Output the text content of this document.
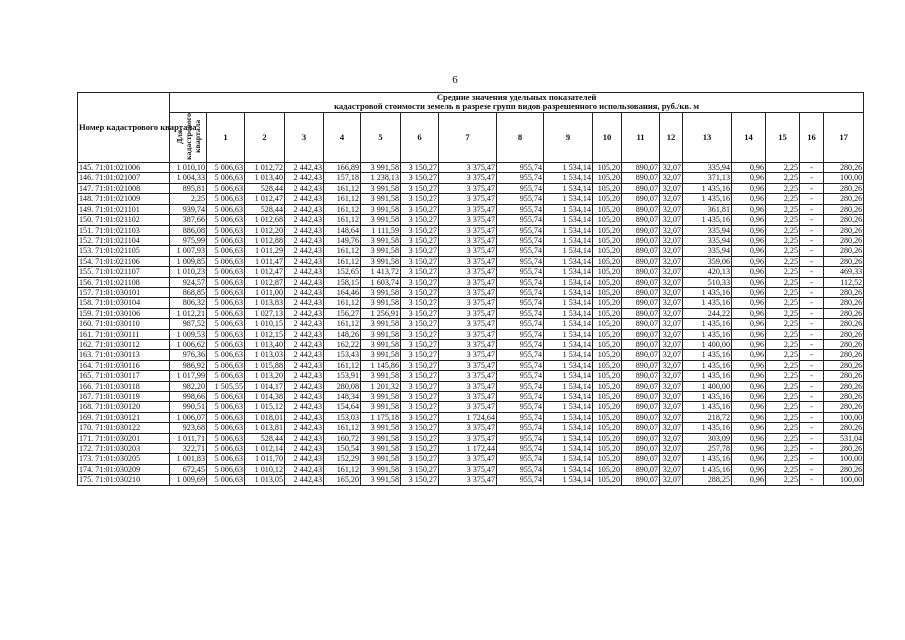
6
Номер кадастрового квартала	Средние значения удельных показателей
кадастровой стоимости земель в разрезе групп видов разрешенного использования, руб./кв. м																	
	Для кадастрового квартала	1	2	3	4	5	6	7	8	9	10	11	12	13	14	15	16	17
145. 71:01:021006	1 010,10	5 006,63	1 012,72	2 442,43	166,89	3 991,58	3 150,27	3 375,47	955,74	1 534,14	105,20	890,07	32,07	335,94	0,96	2,25	-	280,26
146. 71:01:021007	1 004,33	5 006,63	1 013,40	2 442,43	157,18	1 238,13	3 150,27	3 375,47	955,74	1 534,14	105,20	890,07	32,07	371,13	0,96	2,25	-	100,00
147. 71:01:021008	895,81	5 006,63	528,44	2 442,43	161,12	3 991,58	3 150,27	3 375,47	955,74	1 534,14	105,20	890,07	32,07	1 435,16	0,96	2,25	-	280,26
148. 71:01:021009	2,25	5 006,63	1 012,47	2 442,43	161,12	3 991,58	3 150,27	3 375,47	955,74	1 534,14	105,20	890,07	32,07	1 435,16	0,96	2,25	-	280,26
149. 71:01:021101	939,74	5 006,63	528,44	2 442,43	161,12	3 991,58	3 150,27	3 375,47	955,74	1 534,14	105,20	890,07	32,07	361,81	0,96	2,25	-	280,26
150. 71:01:021102	387,66	5 006,63	1 012,68	2 442,43	161,12	3 991,58	3 150,27	3 375,47	955,74	1 534,14	105,20	890,07	32,07	1 435,16	0,96	2,25	-	280,26
151. 71:01:021103	886,08	5 006,63	1 012,20	2 442,43	148,64	1 111,59	3 150,27	3 375,47	955,74	1 534,14	105,20	890,07	32,07	335,94	0,96	2,25	-	280,26
152. 71:01:021104	975,99	5 006,63	1 012,88	2 442,43	149,76	3 991,58	3 150,27	3 375,47	955,74	1 534,14	105,20	890,07	32,07	335,94	0,96	2,25	-	280,26
153. 71:01:021105	1 007,93	5 006,63	1 011,29	2 442,43	161,12	3 991,58	3 150,27	3 375,47	955,74	1 534,14	105,20	890,07	32,07	335,94	0,96	2,25	-	280,26
154. 71:01:021106	1 009,85	5 006,63	1 011,47	2 442,43	161,12	3 991,58	3 150,27	3 375,47	955,74	1 534,14	105,20	890,07	32,07	359,06	0,96	2,25	-	280,26
155. 71:01:021107	1 010,23	5 006,63	1 012,47	2 442,43	152,65	1 413,72	3 150,27	3 375,47	955,74	1 534,14	105,20	890,07	32,07	420,13	0,96	2,25	-	469,33
156. 71:01:021108	924,57	5 006,63	1 012,87	2 442,43	158,15	1 603,74	3 150,27	3 375,47	955,74	1 534,14	105,20	890,07	32,07	510,33	0,96	2,25	-	112,52
157. 71:01:030101	868,85	5 006,63	1 011,00	2 442,43	164,46	3 991,58	3 150,27	3 375,47	955,74	1 534,14	105,20	890,07	32,07	1 435,16	0,96	2,25	-	280,26
158. 71:01:030104	806,32	5 006,63	1 013,83	2 442,43	161,12	3 991,58	3 150,27	3 375,47	955,74	1 534,14	105,20	890,07	32,07	1 435,16	0,96	2,25	-	280,26
159. 71:01:030106	1 012,21	5 006,63	1 027,13	2 442,43	156,27	1 256,91	3 150,27	3 375,47	955,74	1 534,14	105,20	890,07	32,07	244,22	0,96	2,25	-	280,26
160. 71:01:030110	987,52	5 006,63	1 010,15	2 442,43	161,12	3 991,58	3 150,27	3 375,47	955,74	1 534,14	105,20	890,07	32,07	1 435,16	0,96	2,25	-	280,26
161. 71:01:030111	1 009,53	5 006,63	1 012,15	2 442,43	148,26	3 991,58	3 150,27	3 375,47	955,74	1 534,14	105,20	890,07	32,07	1 435,16	0,96	2,25	-	280,26
162. 71:01:030112	1 006,62	5 006,63	1 013,40	2 442,43	162,22	3 991,58	3 150,27	3 375,47	955,74	1 534,14	105,20	890,07	32,07	1 400,00	0,96	2,25	-	280,26
163. 71:01:030113	976,36	5 006,63	1 013,03	2 442,43	153,43	3 991,58	3 150,27	3 375,47	955,74	1 534,14	105,20	890,07	32,07	1 435,16	0,96	2,25	-	280,26
164. 71:01:030116	986,92	5 006,63	1 015,88	2 442,43	161,12	1 145,86	3 150,27	3 375,47	955,74	1 534,14	105,20	890,07	32,07	1 435,16	0,96	2,25	-	280,26
165. 71:01:030117	1 017,99	5 006,63	1 013,20	2 442,43	153,91	3 991,58	3 150,27	3 375,47	955,74	1 534,14	105,20	890,07	32,07	1 435,16	0,96	2,25	-	280,26
166. 71:01:030118	982,20	1 505,55	1 014,17	2 442,43	280,08	1 201,32	3 150,27	3 375,47	955,74	1 534,14	105,20	890,07	32,07	1 400,00	0,96	2,25	-	280,26
167. 71:01:030119	998,66	5 006,63	1 014,38	2 442,43	148,34	3 991,58	3 150,27	3 375,47	955,74	1 534,14	105,20	890,07	32,07	1 435,16	0,96	2,25	-	280,26
168. 71:01:030120	990,51	5 006,63	1 015,12	2 442,43	154,64	3 991,58	3 150,27	3 375,47	955,74	1 534,14	105,20	890,07	32,07	1 435,16	0,96	2,25	-	280,26
169. 71:01:030121	1 006,07	5 006,63	1 018,01	2 442,43	153,03	1 175,18	3 150,27	1 724,64	955,74	1 534,14	105,20	890,07	32,07	218,72	0,96	2,25	-	100,00
170. 71:01:030122	923,68	5 006,63	1 013,81	2 442,43	161,12	3 991,58	3 150,27	3 375,47	955,74	1 534,14	105,20	890,07	32,07	1 435,16	0,96	2,25	-	280,26
171. 71:01:030201	1 011,71	5 006,63	528,44	2 442,43	160,72	3 991,58	3 150,27	3 375,47	955,74	1 534,14	105,20	890,07	32,07	303,09	0,96	2,25	-	531,04
172. 71:01:030203	322,71	5 006,63	1 012,14	2 442,43	150,54	3 991,58	3 150,27	1 172,44	955,74	1 534,14	105,20	890,07	32,07	257,78	0,96	2,25	-	280,26
173. 71:01:030205	1 001,83	5 006,63	1 011,70	2 442,43	152,29	3 991,58	3 150,27	3 375,47	955,74	1 534,14	105,20	890,07	32,07	1 435,16	0,96	2,25	-	100,00
174. 71:01:030209	672,45	5 006,63	1 010,12	2 442,43	161,12	3 991,58	3 150,27	3 375,47	955,74	1 534,14	105,20	890,07	32,07	1 435,16	0,96	2,25	-	280,26
175. 71:01:030210	1 009,69	5 006,63	1 013,05	2 442,43	165,20	3 991,58	3 150,27	3 375,47	955,74	1 534,14	105,20	890,07	32,07	288,25	0,96	2,25	-	100,00
